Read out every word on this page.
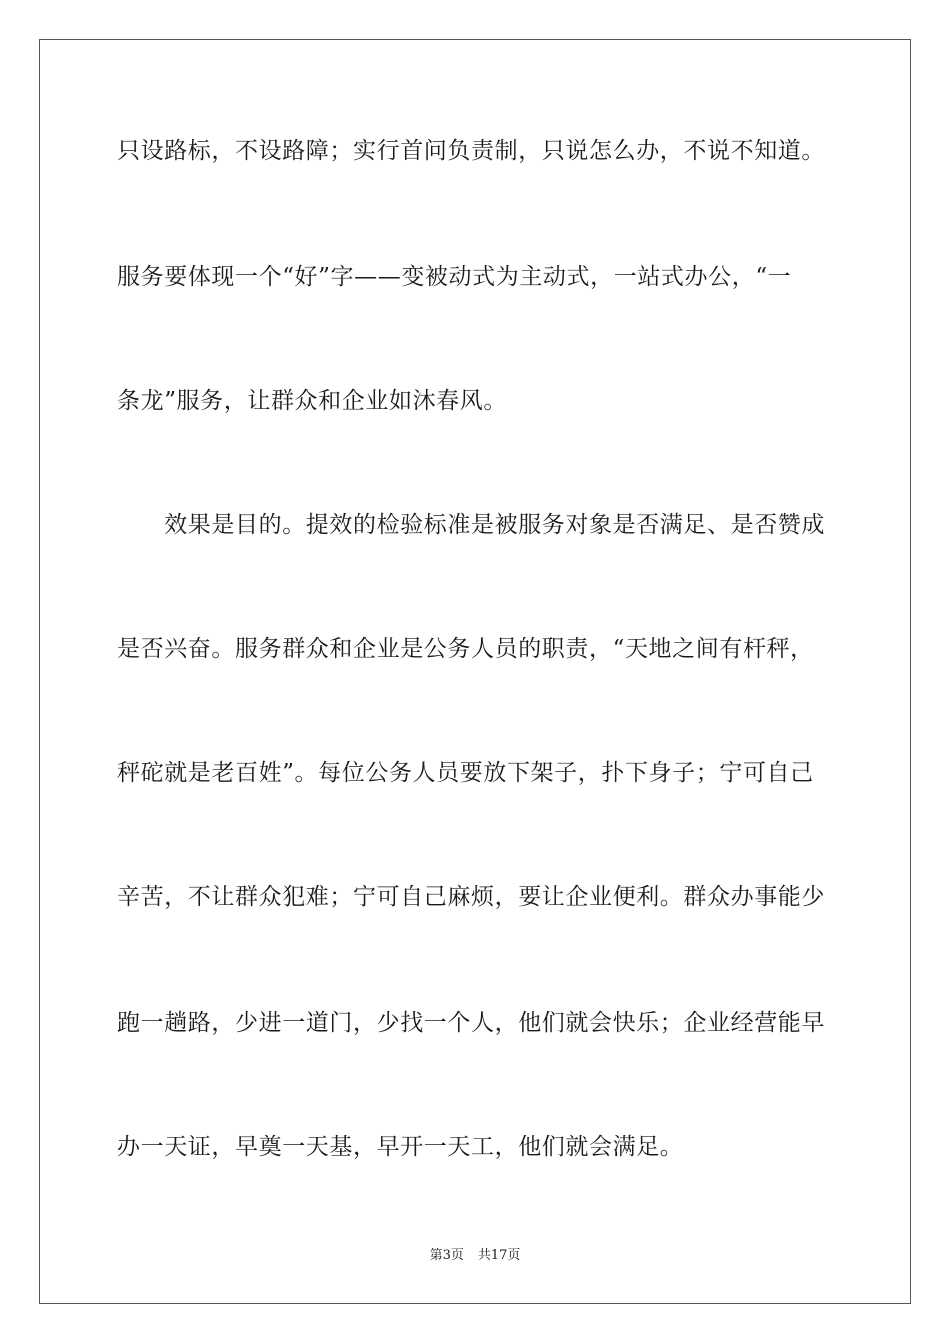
只设路标，不设路障；实行首问负责制，只说怎么办，不说不知道。
服务要体现一个“好”字——变被动式为主动式，一站式办公，“一
条龙”服务，让群众和企业如沐春风。
　　效果是目的。提效的检验标准是被服务对象是否满足、是否赞成
是否兴奋。服务群众和企业是公务人员的职责，“天地之间有杆秤，
秤砣就是老百姓”。每位公务人员要放下架子，扑下身子；宁可自己
辛苦，不让群众犯难；宁可自己麻烦，要让企业便利。群众办事能少
跑一趟路，少进一道门，少找一个人，他们就会快乐；企业经营能早
办一天证，早奠一天基，早开一天工，他们就会满足。
第3页 共17页
